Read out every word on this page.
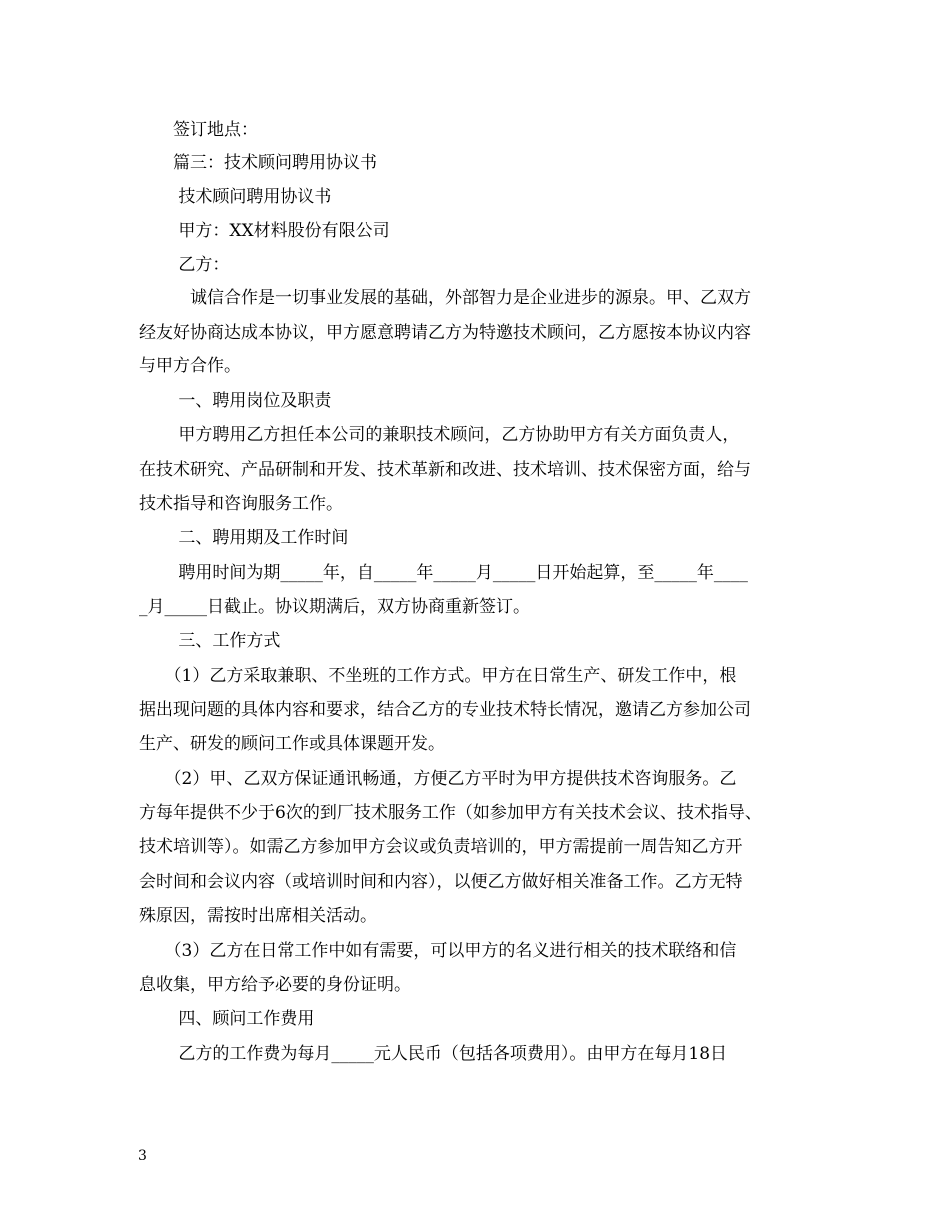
　　签订地点：
　　篇三：技术顾问聘用协议书
　　 技术顾问聘用协议书
　　 甲方：XX材料股份有限公司
　　 乙方：
　　　诚信合作是一切事业发展的基础，外部智力是企业进步的源泉。甲、乙双方
经友好协商达成本协议，甲方愿意聘请乙方为特邀技术顾问，乙方愿按本协议内容
与甲方合作。
　　 一、聘用岗位及职责
　　 甲方聘用乙方担任本公司的兼职技术顾问，乙方协助甲方有关方面负责人，
在技术研究、产品研制和开发、技术革新和改进、技术培训、技术保密方面，给与
技术指导和咨询服务工作。
　　 二、聘用期及工作时间
　　 聘用时间为期_____年，自_____年_____月_____日开始起算，至_____年____
_月_____日截止。协议期满后，双方协商重新签订。
　　 三、工作方式
　　（1）乙方采取兼职、不坐班的工作方式。甲方在日常生产、研发工作中，根
据出现问题的具体内容和要求，结合乙方的专业技术特长情况，邀请乙方参加公司
生产、研发的顾问工作或具体课题开发。
　　（2）甲、乙双方保证通讯畅通，方便乙方平时为甲方提供技术咨询服务。乙
方每年提供不少于6次的到厂技术服务工作（如参加甲方有关技术会议、技术指导、
技术培训等）。如需乙方参加甲方会议或负责培训的，甲方需提前一周告知乙方开
会时间和会议内容（或培训时间和内容），以便乙方做好相关准备工作。乙方无特
殊原因，需按时出席相关活动。
　　（3）乙方在日常工作中如有需要，可以甲方的名义进行相关的技术联络和信
息收集，甲方给予必要的身份证明。
　　 四、顾问工作费用
　　 乙方的工作费为每月_____元人民币（包括各项费用）。由甲方在每月18日
3
